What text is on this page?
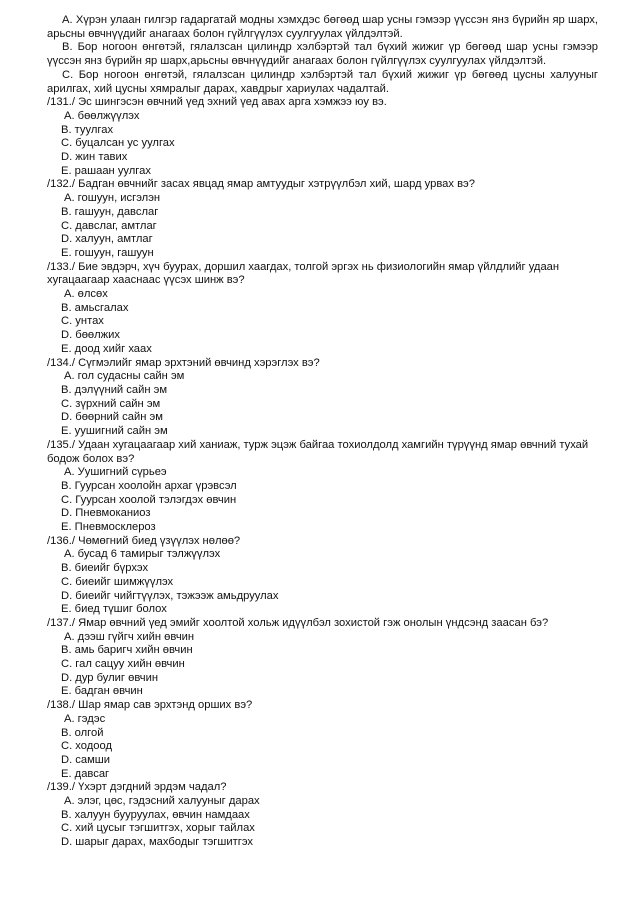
A. Хүрэн улаан гилгэр гадаргатай модны хэмхдэс бөгөөд шар усны гэмээр үүссэн янз бүрийн яр шарх, арьсны өвчнүүдийг анагаах болон гүйлгүүлэх суулгуулах үйлдэлтэй.

B. Бор ногоон өнгөтэй, гялалзсан цилиндр хэлбэртэй тал бүхий жижиг үр бөгөөд шар усны гэмээр үүссэн янз бүрийн яр шарх,арьсны өвчнүүдийг анагаах болон гүйлгүүлэх суулгуулах үйлдэлтэй.

C. Бор ногоон өнгөтэй, гялалзсан цилиндр хэлбэртэй тал бүхий жижиг үр бөгөөд цусны халууныг арилгах, хий цусны хямралыг дарах, хавдрыг хариулах чадалтай.

/131./ Эс шингэсэн өвчний үед эхний үед авах арга хэмжээ юу вэ.

A. бөөлжүүлэх

B. туулгах

C. буцалсан ус уулгах

D. жин тавих

E. рашаан уулгах

/132./ Бадган өвчнийг засах явцад ямар амтуудыг хэтрүүлбэл хий, шард урвах вэ?

A. гошуун, исгэлэн

B. гашуун, давслаг

C. давслаг, амтлаг

D. халуун, амтлаг

E. гошуун, гашуун

/133./ Бие эвдэрч, хүч буурах, доршил хаагдах, толгой эргэх нь физиологийн ямар үйлдлийг удаан хугацаагаар хааснаас үүсэх шинж вэ?

A. өлсөх

B. амьсгалах

C. унтах

D. бөөлжих

E. доод хийг хаах

/134./ Сүгмэлийг ямар эрхтэний өвчинд хэрэглэх вэ?

A. гол судасны сайн эм

B. дэлүүний сайн эм

C. зүрхний сайн эм

D. бөөрний сайн эм

E. уушигний сайн эм

/135./ Удаан хугацаагаар хий ханиаж, турж эцэж байгаа тохиолдолд хамгийн түрүүнд ямар өвчний тухай бодож болох вэ?

A. Уушигний сүрьеэ

B. Гуурсан хоолойн архаг үрэвсэл

C. Гуурсан хоолой тэлэгдэх өвчин

D. Пневмоканиоз

E. Пневмосклероз

/136./ Чөмөгний биед үзүүлэх нөлөө?

A. бусад 6 тамирыг тэлжүүлэх

B. биеийг бүрхэх

C. биеийг шимжүүлэх

D. биеийг чийгтүүлэх, тэжээж амьдруулах

E. биед түшиг болох

/137./ Ямар өвчний үед эмийг хоолтой хольж идүүлбэл зохистой гэж онолын үндсэнд заасан бэ?

A. дээш гүйгч хийн өвчин

B. амь баригч хийн өвчин

C. гал сацуу хийн өвчин

D. дур булиг өвчин

E. бадган өвчин

/138./ Шар ямар сав эрхтэнд орших вэ?

A. гэдэс

B. олгой

C. ходоод

D. самши

E. давсаг

/139./ Үхэрт дэгдний эрдэм чадал?

A. элэг, цөс, гэдэсний халууныг дарах

B. халуун бууруулах, өвчин намдаах

C. хий цусыг тэгшитгэх, хорыг тайлах

D. шарыг дарах, махбодыг тэгшитгэх
